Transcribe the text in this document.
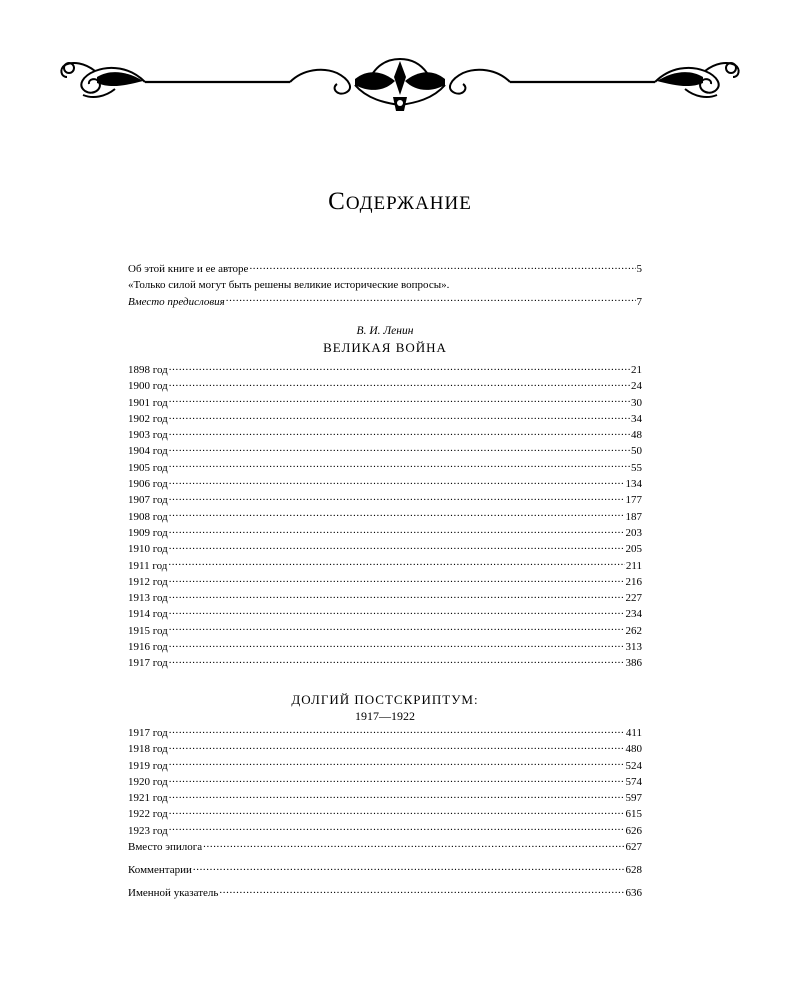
СОДЕРЖАНИЕ
Об этой книге и ее авторе .....	5
«Только силой могут быть решены великие исторические вопросы».
Вместо предисловия .....	7
В. И. Ленин
ВЕЛИКАЯ ВОЙНА
1898 год .....	21
1900 год .....	24
1901 год .....	30
1902 год .....	34
1903 год .....	48
1904 год .....	50
1905 год .....	55
1906 год .....	134
1907 год .....	177
1908 год .....	187
1909 год .....	203
1910 год .....	205
1911 год .....	211
1912 год .....	216
1913 год .....	227
1914 год .....	234
1915 год .....	262
1916 год .....	313
1917 год .....	386
ДОЛГИЙ ПОСТСКРИПТУМ:
1917—1922
1917 год .....	411
1918 год .....	480
1919 год .....	524
1920 год .....	574
1921 год .....	597
1922 год .....	615
1923 год .....	626
Вместо эпилога .....	627
Комментарии .....	628
Именной указатель .....	636
